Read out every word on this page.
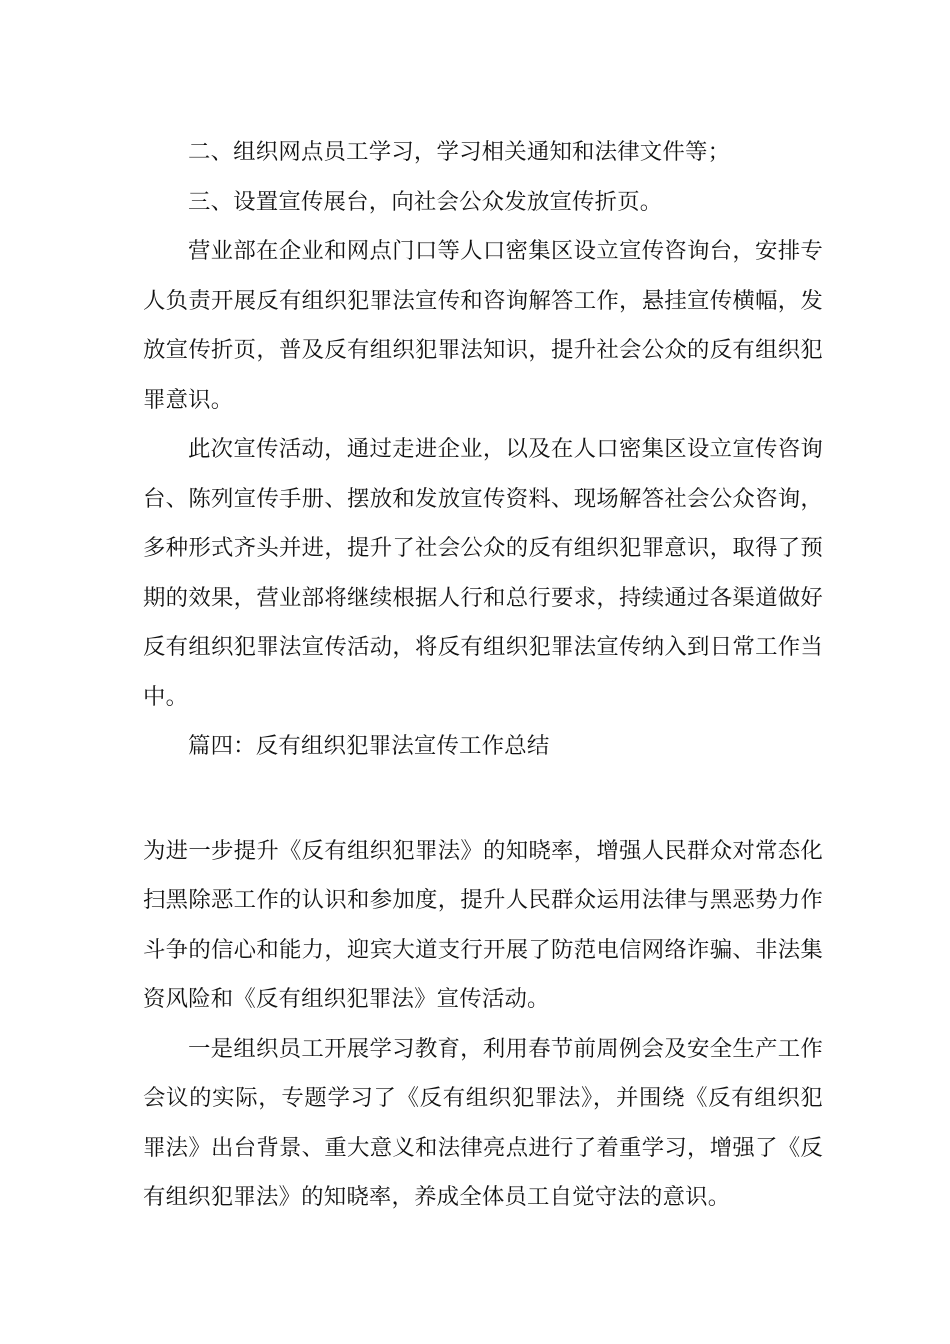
二、组织网点员工学习，学习相关通知和法律文件等；

三、设置宣传展台，向社会公众发放宣传折页。

营业部在企业和网点门口等人口密集区设立宣传咨询台，安排专人负责开展反有组织犯罪法宣传和咨询解答工作，悬挂宣传横幅，发放宣传折页，普及反有组织犯罪法知识，提升社会公众的反有组织犯罪意识。

此次宣传活动，通过走进企业，以及在人口密集区设立宣传咨询台、陈列宣传手册、摆放和发放宣传资料、现场解答社会公众咨询，多种形式齐头并进，提升了社会公众的反有组织犯罪意识，取得了预期的效果，营业部将继续根据人行和总行要求，持续通过各渠道做好反有组织犯罪法宣传活动，将反有组织犯罪法宣传纳入到日常工作当中。

篇四：反有组织犯罪法宣传工作总结

为进一步提升《反有组织犯罪法》的知晓率，增强人民群众对常态化扫黑除恶工作的认识和参加度，提升人民群众运用法律与黑恶势力作斗争的信心和能力，迎宾大道支行开展了防范电信网络诈骗、非法集资风险和《反有组织犯罪法》宣传活动。

一是组织员工开展学习教育，利用春节前周例会及安全生产工作会议的实际，专题学习了《反有组织犯罪法》，并围绕《反有组织犯罪法》出台背景、重大意义和法律亮点进行了着重学习，增强了《反有组织犯罪法》的知晓率，养成全体员工自觉守法的意识。
